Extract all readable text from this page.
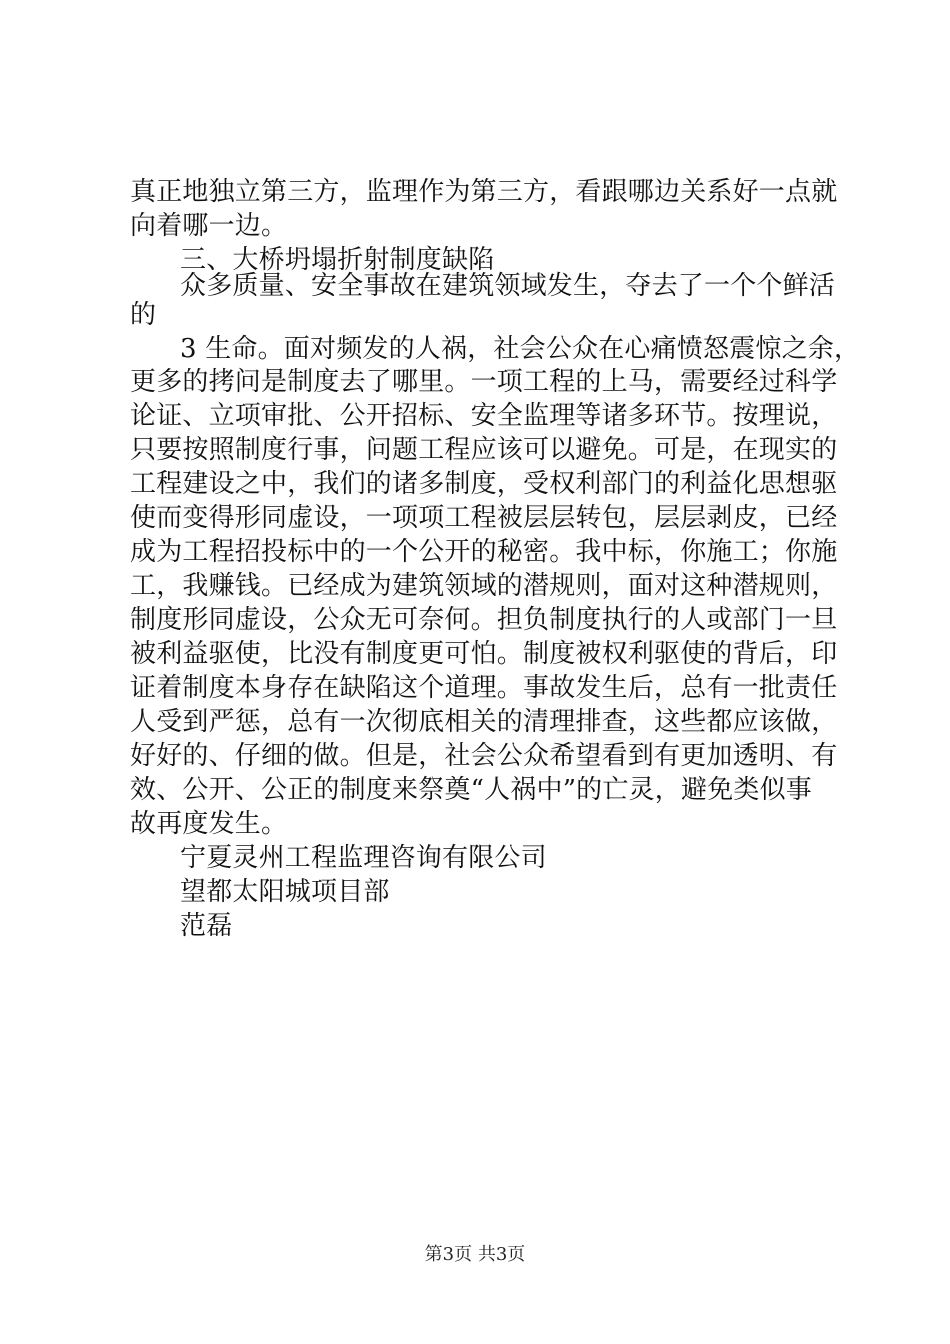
真正地独立第三方，监理作为第三方，看跟哪边关系好一点就
向着哪一边。
三、大桥坍塌折射制度缺陷
众多质量、安全事故在建筑领域发生，夺去了一个个鲜活
的
3 生命。面对频发的人祸，社会公众在心痛愤怒震惊之余，
更多的拷问是制度去了哪里。一项工程的上马，需要经过科学
论证、立项审批、公开招标、安全监理等诸多环节。按理说，
只要按照制度行事，问题工程应该可以避免。可是，在现实的
工程建设之中，我们的诸多制度，受权利部门的利益化思想驱
使而变得形同虚设，一项项工程被层层转包，层层剥皮，已经
成为工程招投标中的一个公开的秘密。我中标，你施工；你施
工，我赚钱。已经成为建筑领域的潜规则，面对这种潜规则，
制度形同虚设，公众无可奈何。担负制度执行的人或部门一旦
被利益驱使，比没有制度更可怕。制度被权利驱使的背后，印
证着制度本身存在缺陷这个道理。事故发生后，总有一批责任
人受到严惩，总有一次彻底相关的清理排查，这些都应该做，
好好的、仔细的做。但是，社会公众希望看到有更加透明、有
效、公开、公正的制度来祭奠“人祸中”的亡灵，避免类似事
故再度发生。
宁夏灵州工程监理咨询有限公司
望都太阳城项目部
范磊
第3页 共3页
